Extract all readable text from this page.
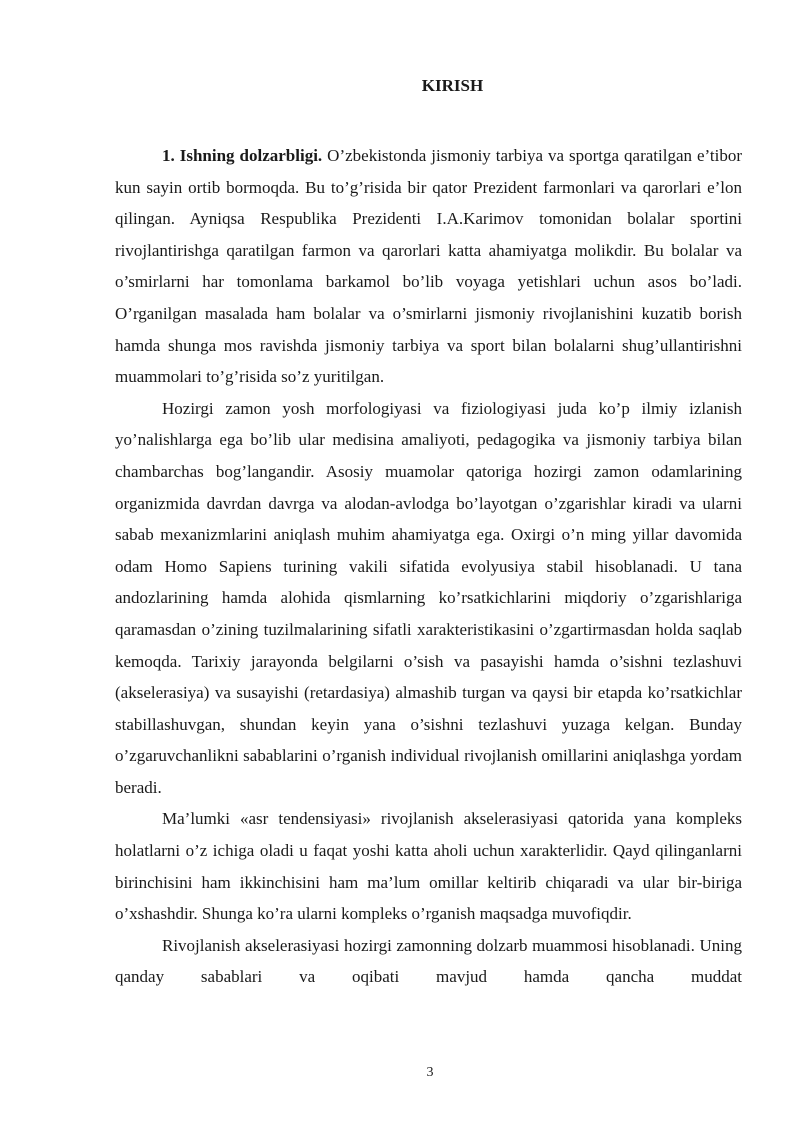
KIRISH

1. Ishning dolzarbligi. O’zbekistonda jismoniy tarbiya va sportga qaratilgan e’tibor kun sayin ortib bormoqda. Bu to’g’risida bir qator Prezident farmonlari va qarorlari e’lon qilingan. Ayniqsa Respublika Prezidenti I.A.Karimov tomonidan bolalar sportini rivojlantirishga qaratilgan farmon va qarorlari katta ahamiyatga molikdir. Bu bolalar va o’smirlarni har tomonlama barkamol bo’lib voyaga yetishlari uchun asos bo’ladi. O’rganilgan masalada ham bolalar va o’smirlarni jismoniy rivojlanishini kuzatib borish hamda shunga mos ravishda jismoniy tarbiya va sport bilan bolalarni shug’ullantirishni muammolari to’g’risida so’z yuritilgan.

Hozirgi zamon yosh morfologiyasi va fiziologiyasi juda ko’p ilmiy izlanish yo’nalishlarga ega bo’lib ular medisina amaliyoti, pedagogika va jismoniy tarbiya bilan chambarchas bog’langandir. Asosiy muamolar qatoriga hozirgi zamon odamlarining organizmida davrdan davrga va alodan-avlodga bo’layotgan o’zgarishlar kiradi va ularni sabab mexanizmlarini aniqlash muhim ahamiyatga ega. Oxirgi o’n ming yillar davomida odam Homo Sapiens turining vakili sifatida evolyusiya stabil hisoblanadi. U tana andozlarining hamda alohida qismlarning ko’rsatkichlarini miqdoriy o’zgarishlariga qaramasdan o’zining tuzilmalarining sifatli xarakteristikasini o’zgartirmasdan holda saqlab kemoqda. Tarixiy jarayonda belgilarni o’sish va pasayishi hamda o’sishni tezlashuvi (akselerasiya) va susayishi (retardasiya) almashib turgan va qaysi bir etapda ko’rsatkichlar stabillashuvgan, shundan keyin yana o’sishni tezlashuvi yuzaga kelgan. Bunday o’zgaruvchanlikni sabablarini o’rganish individual rivojlanish omillarini aniqlashga yordam beradi.

Ma’lumki «asr tendensiyasi» rivojlanish akselerasiyasi qatorida yana kompleks holatlarni o’z ichiga oladi u faqat yoshi katta aholi uchun xarakterlidir. Qayd qilinganlarni birinchisini ham ikkinchisini ham ma’lum omillar keltirib chiqaradi va ular bir-biriga o’xshashdir. Shunga ko’ra ularni kompleks o’rganish maqsadga muvofiqdir.

Rivojlanish akselerasiyasi hozirgi zamonning dolzarb muammosi hisoblanadi. Uning qanday sabablari va oqibati mavjud hamda qancha muddat

3
